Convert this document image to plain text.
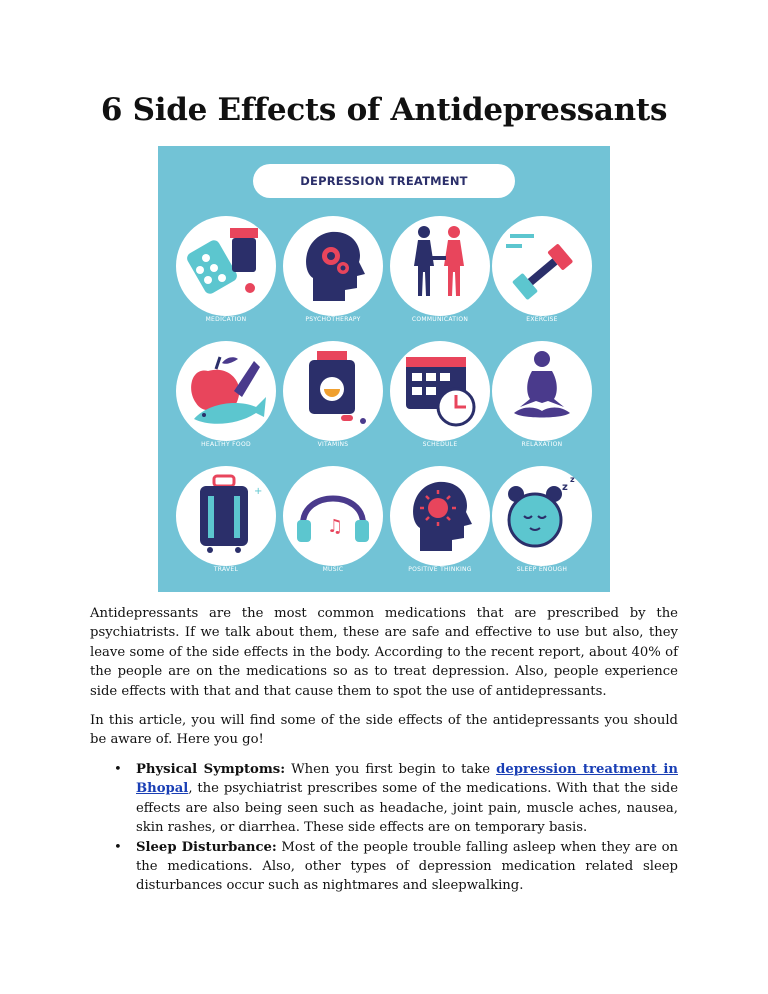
6 Side Effects of Antidepressants
DEPRESSION TREATMENT
MEDICATION	PSYCHOTHERAPY	COMMUNICATION	EXERCISE
HEALTHY FOOD	VITAMINS	SCHEDULE	RELAXATION
+
TRAVEL
♫
MUSIC	POSITIVE THINKING
z
z
SLEEP ENOUGH

Antidepressants are the most common medications that are prescribed by the psychiatrists. If we talk about them, these are safe and effective to use but also, they leave some of the side effects in the body. According to the recent report, about 40% of the people are on the medications so as to treat depression. Also, people experience side effects with that and that cause them to spot the use of antidepressants.

In this article, you will find some of the side effects of the antidepressants you should be aware of. Here you go!

• Physical Symptoms: When you first begin to take depression treatment in Bhopal, the psychiatrist prescribes some of the medications. With that the side effects are also being seen such as headache, joint pain, muscle aches, nausea, skin rashes, or diarrhea. These side effects are on temporary basis.
• Sleep Disturbance: Most of the people trouble falling asleep when they are on the medications. Also, other types of depression medication related sleep disturbances occur such as nightmares and sleepwalking.
